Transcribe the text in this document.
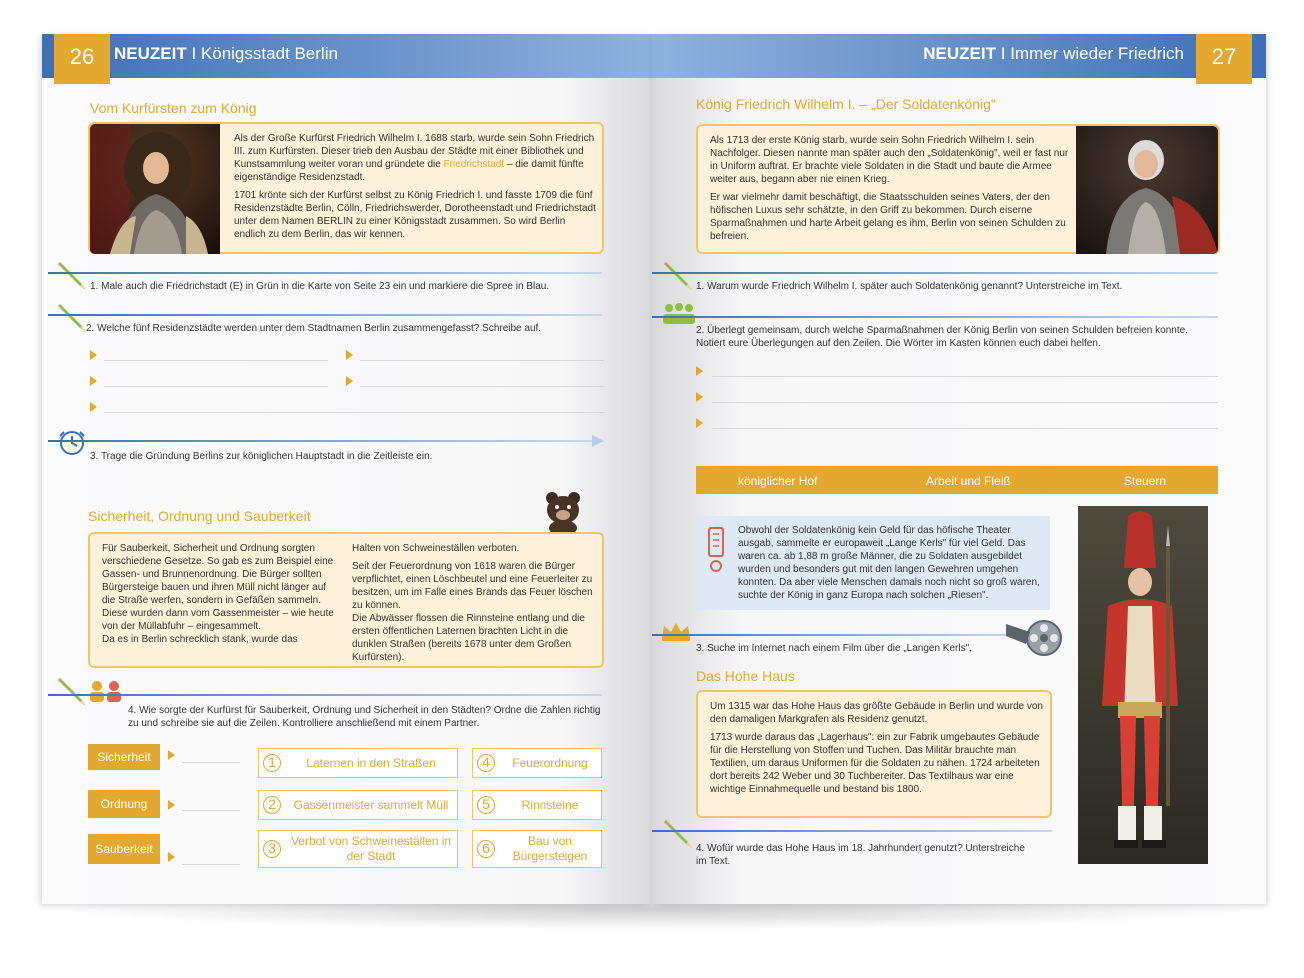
26	NEUZEIT I Königsstadt Berlin
Vom Kurfürsten zum König

Als der Große Kurfürst Friedrich Wilhelm I. 1688 starb, wurde sein Sohn Friedrich III. zum Kurfürsten. Dieser trieb den Ausbau der Städte mit einer Bibliothek und Kunstsammlung weiter voran und gründete die Friedrichstadt – die damit fünfte eigenständige Residenzstadt.

1701 krönte sich der Kurfürst selbst zu König Friedrich I. und fasste 1709 die fünf Residenzstädte Berlin, Cölln, Friedrichswerder, Dorotheenstadt und Friedrichstadt unter dem Namen BERLIN zu einer Königsstadt zusammen. So wird Berlin endlich zu dem Berlin, das wir kennen.

1. Male auch die Friedrichstadt (E) in Grün in die Karte von Seite 23 ein und markiere die Spree in Blau.
2. Welche fünf Residenzstädte werden unter dem Stadtnamen Berlin zusammengefasst? Schreibe auf.
3. Trage die Gründung Berlins zur königlichen Hauptstadt in die Zeitleiste ein.
Sicherheit, Ordnung und Sauberkeit

Für Sauberkeit, Sicherheit und Ordnung sorgten verschiedene Gesetze. So gab es zum Beispiel eine Gassen- und Brunnenordnung. Die Bürger sollten Bürgersteige bauen und ihren Müll nicht länger auf die Straße werfen, sondern in Gefäßen sammeln. Diese wurden dann vom Gassenmeister – wie heute von der Müllabfuhr – eingesammelt.

Da es in Berlin schrecklich stank, wurde das

Halten von Schweineställen verboten.

Seit der Feuerordnung von 1618 waren die Bürger verpflichtet, einen Löschbeutel und eine Feuerleiter zu besitzen, um im Falle eines Brands das Feuer löschen zu können.

Die Abwässer flossen die Rinnsteine entlang und die ersten öffentlichen Laternen brachten Licht in die dunklen Straßen (bereits 1678 unter dem Großen Kurfürsten).

4. Wie sorgte der Kurfürst für Sauberkeit, Ordnung und Sicherheit in den Städten? Ordne die Zahlen richtig zu und schreibe sie auf die Zeilen. Kontrolliere anschließend mit einem Partner.
Sicherheit
Ordnung
Sauberkeit
1	Laternen in den Straßen	4	Feuerordnung
2	Gassenmeister sammelt Müll	5	Rinnsteine
3	Verbot von Schweineställen in der Stadt	6	Bau von Bürgersteigen
27
NEUZEIT I Immer wieder Friedrich
König Friedrich Wilhelm I. – „Der Soldatenkönig"

Als 1713 der erste König starb, wurde sein Sohn Friedrich Wilhelm I. sein Nachfolger. Diesen nannte man später auch den „Soldatenkönig", weil er fast nur in Uniform auftrat. Er brachte viele Soldaten in die Stadt und baute die Armee weiter aus, begann aber nie einen Krieg.

Er war vielmehr damit beschäftigt, die Staatsschulden seines Vaters, der den höfischen Luxus sehr schätzte, in den Griff zu bekommen. Durch eiserne Sparmaßnahmen und harte Arbeit gelang es ihm, Berlin von seinen Schulden zu befreien.

1. Warum wurde Friedrich Wilhelm I. später auch Soldatenkönig genannt? Unterstreiche im Text.
2. Überlegt gemeinsam, durch welche Sparmaßnahmen der König Berlin von seinen Schulden befreien konnte. Notiert eure Überlegungen auf den Zeilen. Die Wörter im Kasten können euch dabei helfen.
königlicher Hof	Arbeit und Fleiß	Steuern
Obwohl der Soldatenkönig kein Geld für das höfische Theater ausgab, sammelte er europaweit „Lange Kerls" für viel Geld. Das waren ca. ab 1,88 m große Männer, die zu Soldaten ausgebildet wurden und besonders gut mit den langen Gewehren umgehen konnten. Da aber viele Menschen damals noch nicht so groß waren, suchte der König in ganz Europa nach solchen „Riesen".
3. Suche im Internet nach einem Film über die „Langen Kerls".
Das Hohe Haus

Um 1315 war das Hohe Haus das größte Gebäude in Berlin und wurde von den damaligen Markgrafen als Residenz genutzt.

1713 wurde daraus das „Lagerhaus": ein zur Fabrik umgebautes Gebäude für die Herstellung von Stoffen und Tuchen. Das Militär brauchte man Textilien, um daraus Uniformen für die Soldaten zu nähen. 1724 arbeiteten dort bereits 242 Weber und 30 Tuchbereiter. Das Textilhaus war eine wichtige Einnahmequelle und bestand bis 1800.

4. Wofür wurde das Hohe Haus im 18. Jahrhundert genutzt? Unterstreiche im Text.
